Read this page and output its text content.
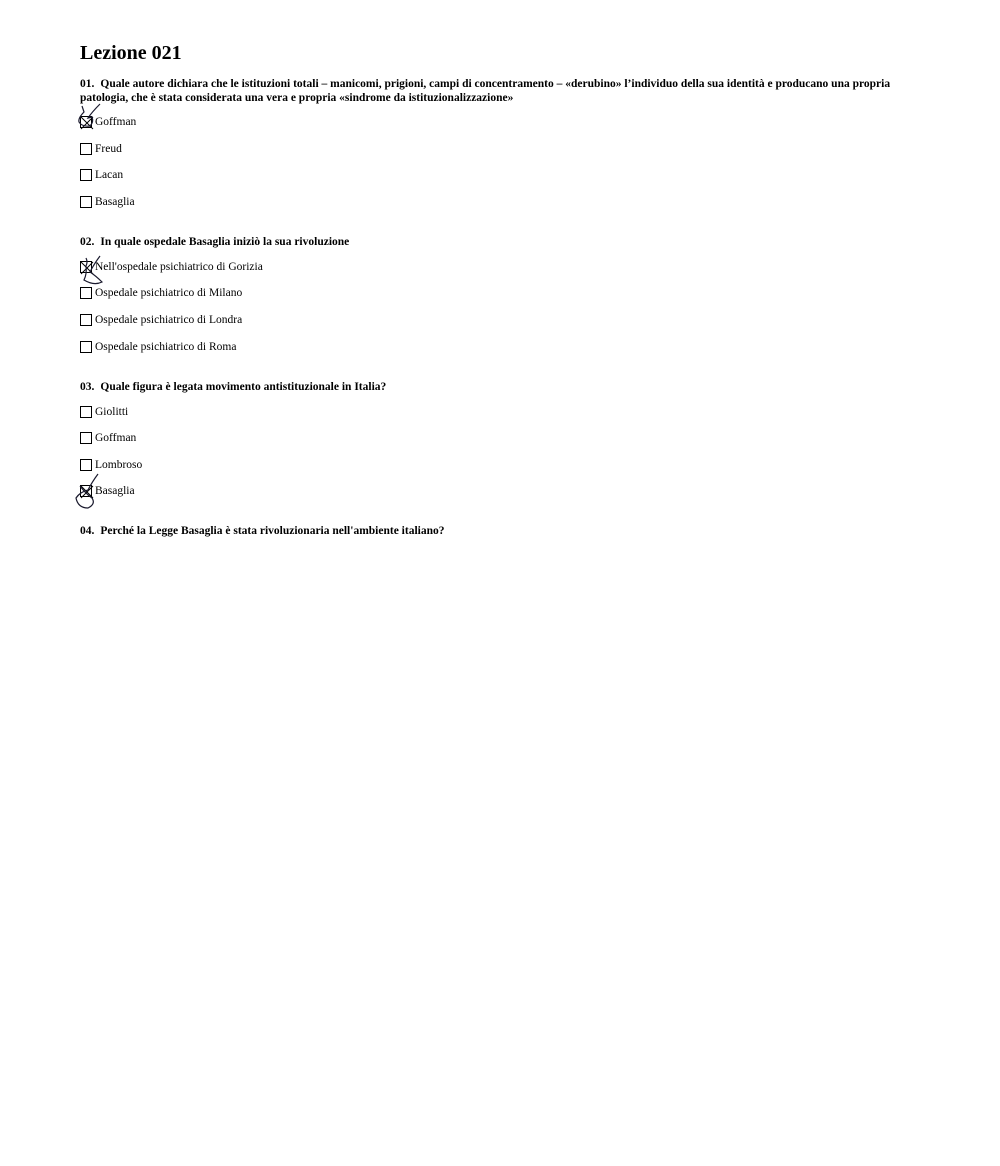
Lezione 021

01. Quale autore dichiara che le istituzioni totali – manicomi, prigioni, campi di concentramento – «derubino» l’individuo della sua identità e producano una propria patologia, che è stata considerata una vera e propria «sindrome da istituzionalizzazione»

Goffman
Freud
Lacan
Basaglia

02. In quale ospedale Basaglia iniziò la sua rivoluzione

Nell'ospedale psichiatrico di Gorizia
Ospedale psichiatrico di Milano
Ospedale psichiatrico di Londra
Ospedale psichiatrico di Roma

03. Quale figura è legata movimento antistituzionale in Italia?

Giolitti
Goffman
Lombroso
Basaglia

04. Perché la Legge Basaglia è stata rivoluzionaria nell'ambiente italiano?
